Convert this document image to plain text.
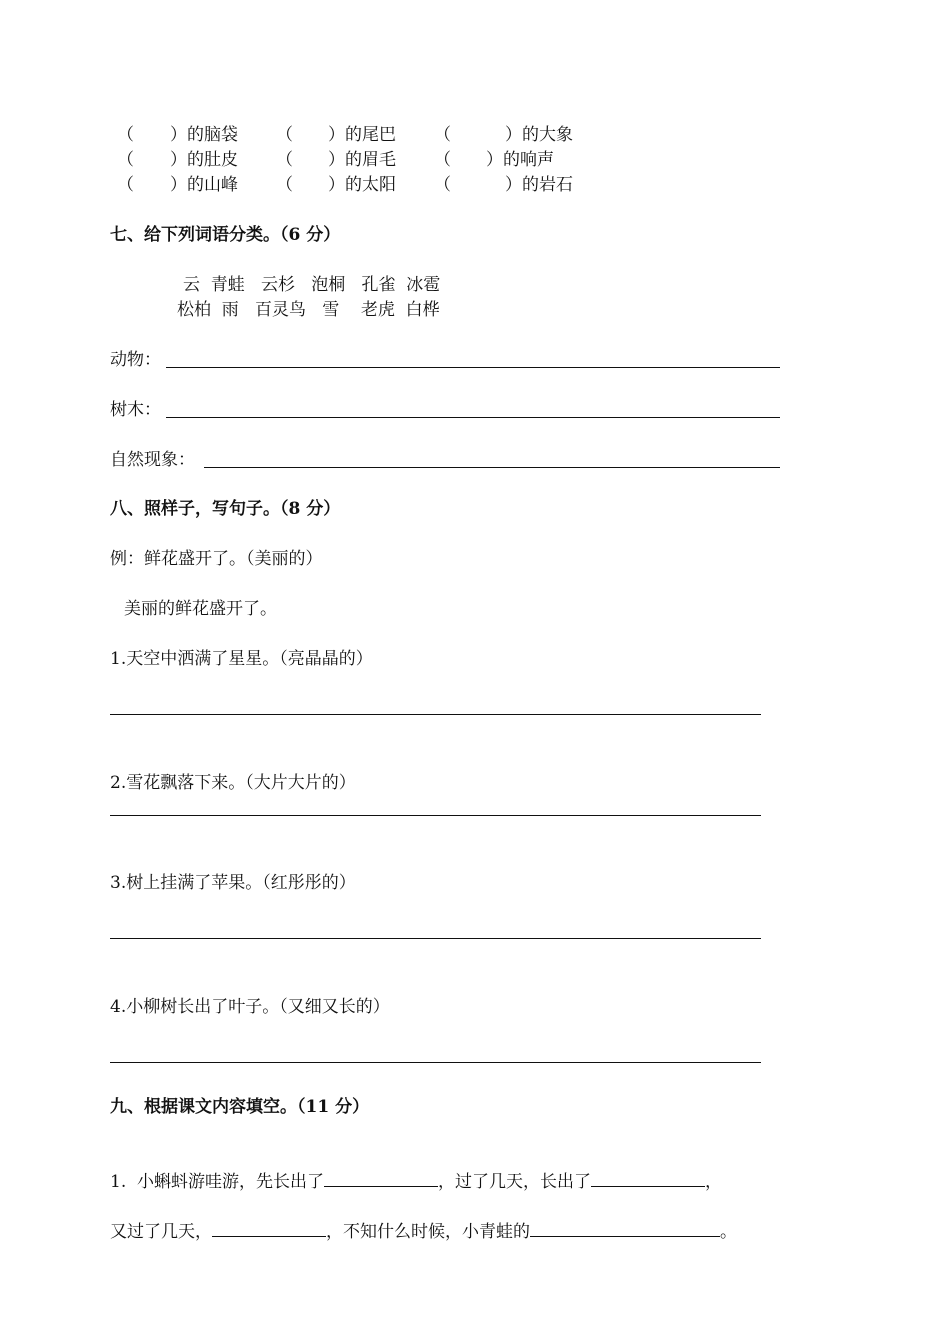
（ ）的脑袋 （ ）的尾巴 （	）的大象
（ ）的肚皮 （ ）的眉毛 （ ）的响声
（ ）的山峰 （ ）的太阳 （	）的岩石
七、给下列词语分类。（6 分）
云  青蛙   云杉   泡桐   孔雀  冰雹
松柏  雨   百灵鸟   雪    老虎  白桦
动物：
树木：
自然现象：
八、照样子，写句子。（8 分）
例：鲜花盛开了。（美丽的）
美丽的鲜花盛开了。
1.天空中洒满了星星。（亮晶晶的）
2.雪花飘落下来。（大片大片的）
3.树上挂满了苹果。（红彤彤的）
4.小柳树长出了叶子。（又细又长的）
九、根据课文内容填空。（11 分）
1.  小蝌蚪游哇游，先长出了	，过了几天，长出了	，
又过了几天，	，不知什么时候，小青蛙的	。
